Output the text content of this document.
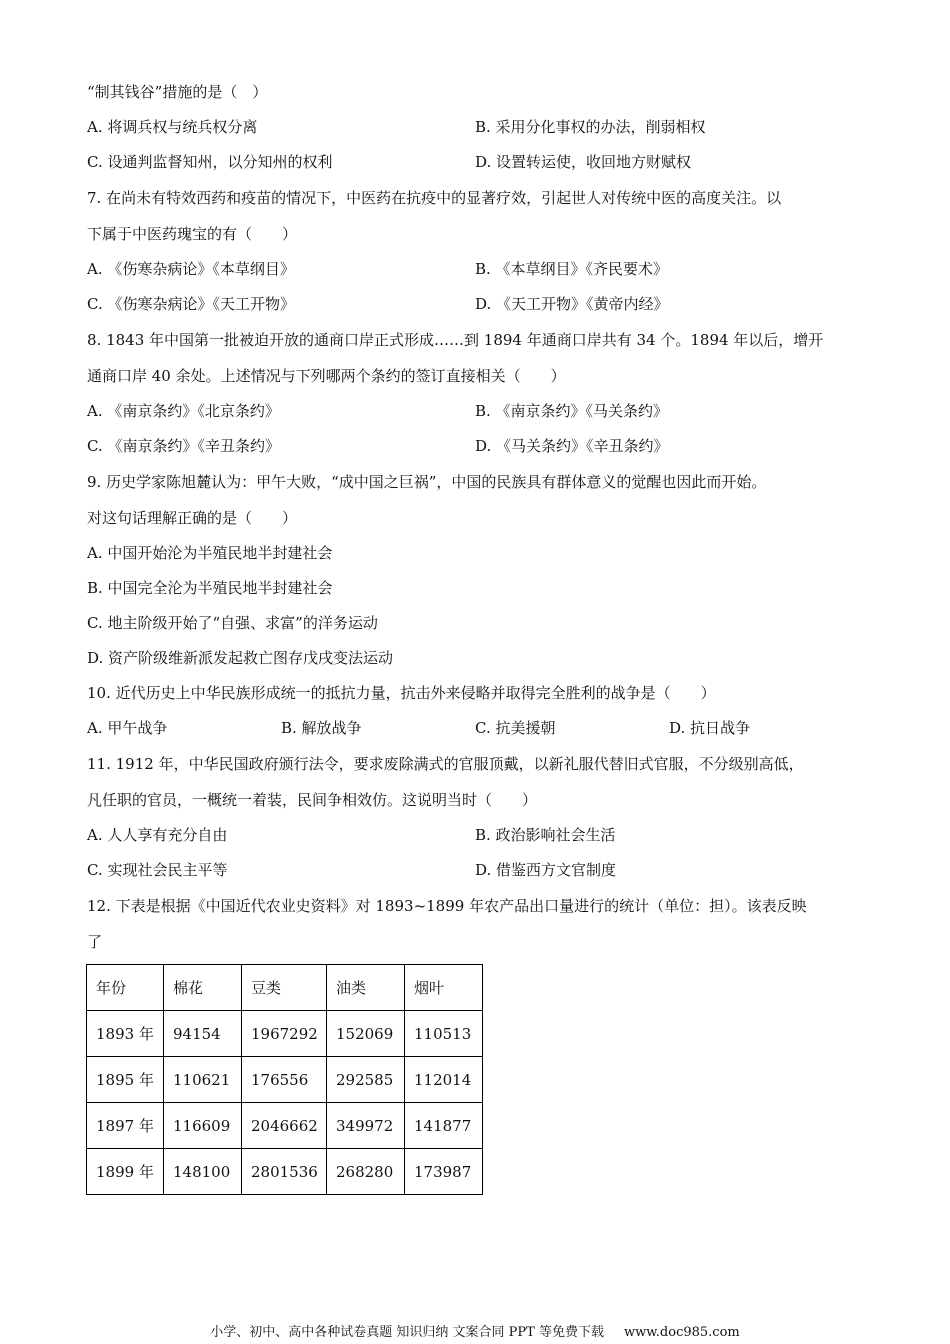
“制其钱谷”措施的是（　）
A. 将调兵权与统兵权分离	B. 采用分化事权的办法，削弱相权
C. 设通判监督知州，以分知州的权利	D. 设置转运使，收回地方财赋权
7. 在尚未有特效西药和疫苗的情况下，中医药在抗疫中的显著疗效，引起世人对传统中医的高度关注。以
下属于中医药瑰宝的有（　　）
A. 《伤寒杂病论》《本草纲目》	B. 《本草纲目》《齐民要术》
C. 《伤寒杂病论》《天工开物》	D. 《天工开物》《黄帝内经》
8. 1843 年中国第一批被迫开放的通商口岸正式形成……到 1894 年通商口岸共有 34 个。1894 年以后，增开
通商口岸 40 余处。上述情况与下列哪两个条约的签订直接相关（　　）
A. 《南京条约》《北京条约》	B. 《南京条约》《马关条约》
C. 《南京条约》《辛丑条约》	D. 《马关条约》《辛丑条约》
9. 历史学家陈旭麓认为：甲午大败，“成中国之巨祸”，中国的民族具有群体意义的觉醒也因此而开始。
对这句话理解正确的是（　　）
A. 中国开始沦为半殖民地半封建社会
B. 中国完全沦为半殖民地半封建社会
C. 地主阶级开始了“自强、求富”的洋务运动
D. 资产阶级维新派发起救亡图存戊戌变法运动
10. 近代历史上中华民族形成统一的抵抗力量，抗击外来侵略并取得完全胜利的战争是（　　）
A. 甲午战争	B. 解放战争	C. 抗美援朝	D. 抗日战争
11. 1912 年，中华民国政府颁行法令，要求废除满式的官服顶戴，以新礼服代替旧式官服，不分级别高低，
凡任职的官员，一概统一着装，民间争相效仿。这说明当时（　　）
A. 人人享有充分自由	B. 政治影响社会生活
C. 实现社会民主平等	D. 借鉴西方文官制度
12. 下表是根据《中国近代农业史资料》对 1893~1899 年农产品出口量进行的统计（单位：担）。该表反映
了
年份	棉花	豆类	油类	烟叶
1893 年	94154	1967292	152069	110513
1895 年	110621	176556	292585	112014
1897 年	116609	2046662	349972	141877
1899 年	148100	2801536	268280	173987
小学、初中、高中各种试卷真题 知识归纳 文案合同 PPT 等免费下载 www.doc985.com
